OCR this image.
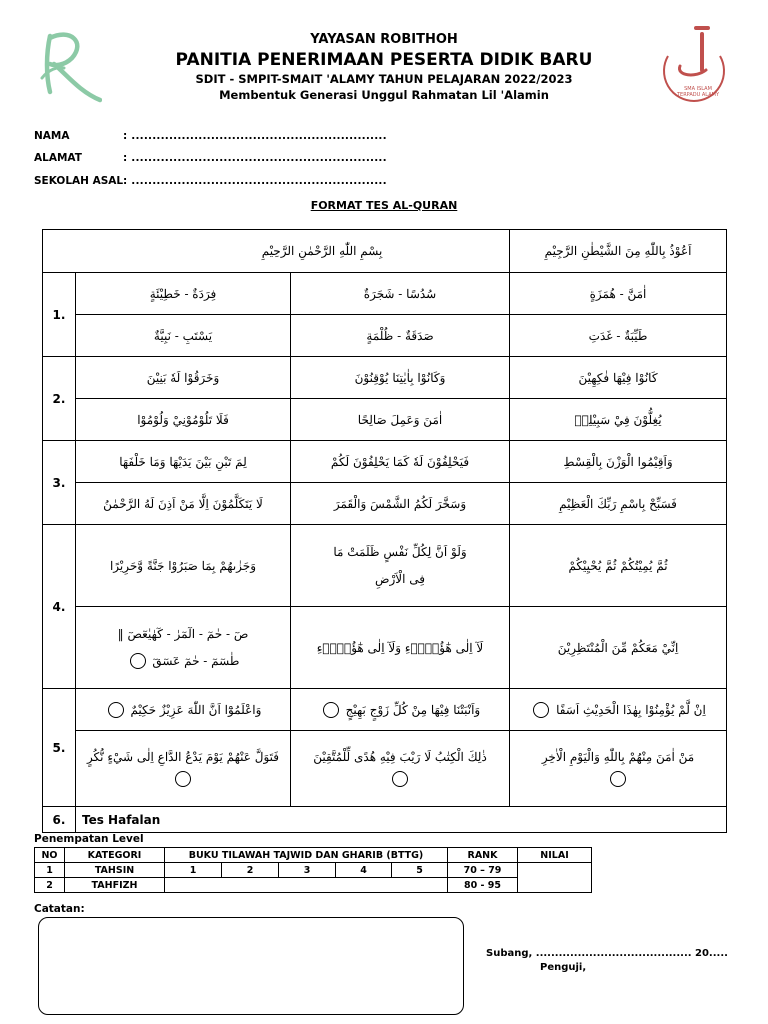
SMA ISLAM TERPADU ALAMY
YAYASAN ROBITHOH
PANITIA PENERIMAAN PESERTA DIDIK BARU
SDIT - SMPIT-SMAIT 'ALAMY TAHUN PELAJARAN 2022/2023
Membentuk Generasi Unggul Rahmatan Lil 'Alamin
NAMA	: .............................................................
ALAMAT	: .............................................................
SEKOLAH ASAL : .............................................................
FORMAT TES AL-QURAN
بِسْمِ اللّٰهِ الرَّحْمٰنِ الرَّحِيْمِ			اَعُوْذُ بِاللّٰهِ مِنَ الشَّيْطٰنِ الرَّجِيْمِ
1.	فِرَدَةٌ - خَطِيْئَةٍ	سُدُسًا - شَجَرَةٌ	اٰمَنَّ - هُمَزَةٍ
	يَسْتَبِ - نَبِيَّةٌ	صَدَقَةٌ - ظُلْمَةٍ	طَيِّبَةٌ - غَدَتِ
2.	وَخَرَقُوْا لَهٗ بَنِيْنَ	وَكَانُوْا بِاٰيٰتِنَا يُوْقِنُوْنَ	كَانُوْا فِيْهَا فٰكِهِيْنَ
	فَلَا تَلُوْمُوْنِيْ وَلُوْمُوْا	اٰمَنَ وَعَمِلَ صَالِحًا	يُغِلُّوْنَ فِيْ سَبِيْلِهٖ
3.	لِمَ تَبْنِ بَيْنَ يَدَيْهَا وَمَا خَلْفَهَا	فَيَحْلِفُوْنَ لَهٗ كَمَا يَحْلِفُوْنَ لَكُمْ	وَاَقِيْمُوا الْوَزْنَ بِالْقِسْطِ
	لَا يَتَكَلَّمُوْنَ اِلَّا مَنْ اَذِنَ لَهُ الرَّحْمٰنُ	وَسَخَّرَ لَكُمُ الشَّمْسَ وَالْقَمَرَ	فَسَبِّحْ بِاسْمِ رَبِّكَ الْعَظِيْمِ
4.	وَجَزٰىهُمْ بِمَا صَبَرُوْا جَنَّةً وَّحَرِيْرًا	وَلَوْ اَنَّ لِكُلِّ نَفْسٍ ظَلَمَتْ مَا فِى الْاَرْضِ	ثُمَّ يُمِيْتُكُمْ ثُمَّ يُحْيِيْكُمْ
	صٓ - حٰمٓ - الٓمٓرٰ - كٓهٰيٰعٓصٓ ‖ طٰسٓمٓ - حٰمٓ عٓسٓقٓ	لَآ اِلٰى هٰٓؤُلَاۤءِ وَلَآ اِلٰى هٰٓؤُلَاۤءِ	اِنِّيْ مَعَكُمْ مِّنَ الْمُنْتَظِرِيْنَ
5.	وَاعْلَمُوْٓا اَنَّ اللّٰهَ عَزِيْزٌ حَكِيْمٌ	وَاَنْبَتْنَا فِيْهَا مِنْ كُلِّ زَوْجٍ بَهِيْجٍ	اِنْ لَّمْ يُؤْمِنُوْا بِهٰذَا الْحَدِيْثِ اَسَفًا
	فَتَوَلَّ عَنْهُمْ يَوْمَ يَدْعُ الدَّاعِ اِلٰى شَيْءٍ نُّكُرٍ	ذٰلِكَ الْكِتٰبُ لَا رَيْبَ فِيْهِ هُدًى لِّلْمُتَّقِيْنَ	مَنْ اٰمَنَ مِنْهُمْ بِاللّٰهِ وَالْيَوْمِ الْاٰخِرِ

6.	Tes Hafalan		
Penempatan Level
NO	KATEGORI	BUKU TILAWAH TAJWID DAN GHARIB (BTTG)					RANK	NILAI
1	TAHSIN	1	2	3	4	5	70 – 79	
2	TAHFIZH						80 - 95	
Catatan:
Subang, ......................................... 20.....
Penguji,
